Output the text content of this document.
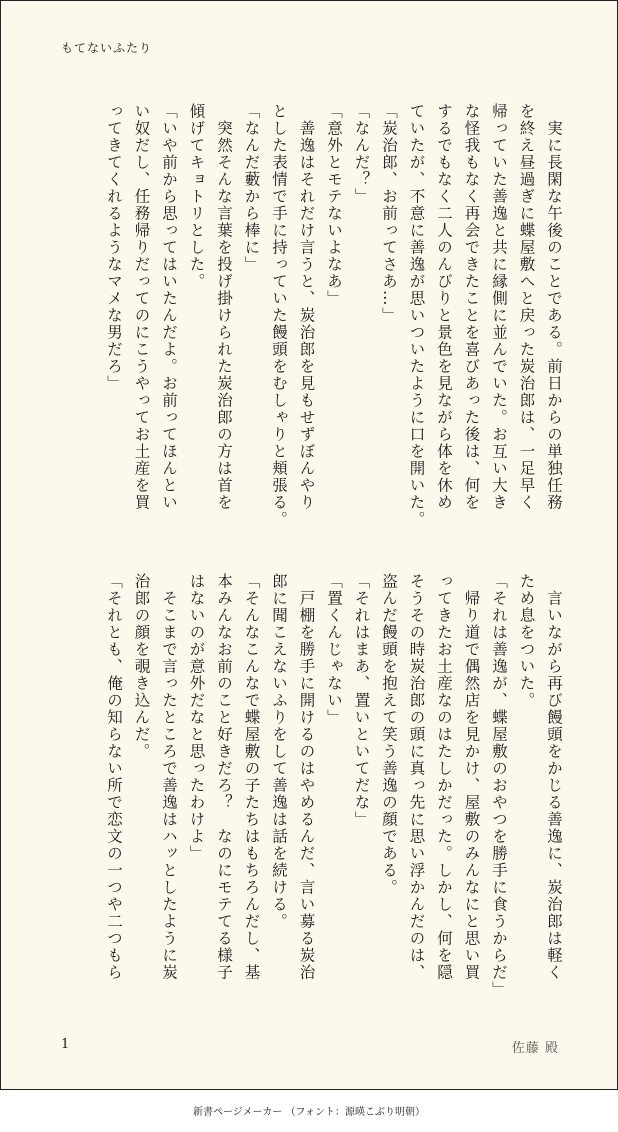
もてないふたり
　実に長閑な午後のことである。前日からの単独任務
を終え昼過ぎに蝶屋敷へと戻った炭治郎は、一足早く
帰っていた善逸と共に縁側に並んでいた。お互い大き
な怪我もなく再会できたことを喜びあった後は、何を
するでもなく二人のんびりと景色を見ながら体を休め
ていたが、不意に善逸が思いついたように口を開いた。
「炭治郎、お前ってさあ…」
「なんだ？」
「意外とモテないよなあ」
　善逸はそれだけ言うと、炭治郎を見もせずぼんやり
とした表情で手に持っていた饅頭をむしゃりと頬張る。
「なんだ藪から棒に」
　突然そんな言葉を投げ掛けられた炭治郎の方は首を
傾げてキョトリとした。
「いや前から思ってはいたんだよ。お前ってほんとい
い奴だし、任務帰りだってのにこうやってお土産を買
ってきてくれるようなマメな男だろ」
　言いながら再び饅頭をかじる善逸に、炭治郎は軽く
ため息をついた。
「それは善逸が、蝶屋敷のおやつを勝手に食うからだ」
　帰り道で偶然店を見かけ、屋敷のみんなにと思い買
ってきたお土産なのはたしかだった。しかし、何を隠
そうその時炭治郎の頭に真っ先に思い浮かんだのは、
盗んだ饅頭を抱えて笑う善逸の顔である。
「それはまあ、置いといてだな」
「置くんじゃない」
　戸棚を勝手に開けるのはやめるんだ、言い募る炭治
郎に聞こえないふりをして善逸は話を続ける。
「そんなこんなで蝶屋敷の子たちはもちろんだし、基
本みんなお前のこと好きだろ？　なのにモテてる様子
はないのが意外だなと思ったわけよ」
　そこまで言ったところで善逸はハッとしたように炭
治郎の顔を覗き込んだ。
「それとも、俺の知らない所で恋文の一つや二つもら
1	佐藤 殿
新書ページメーカー （フォント：源暎こぶり明朝）
